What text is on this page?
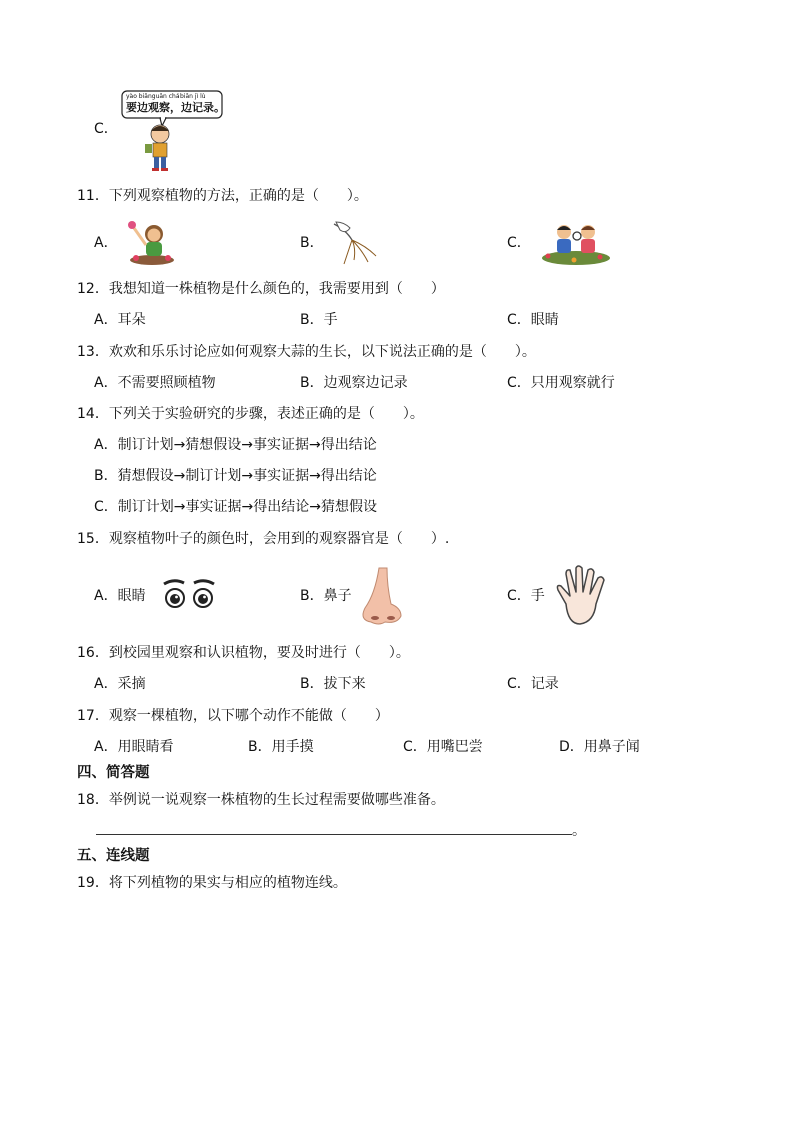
C．
yào biānguān chá biān jì lù
要边观察，边记录。
11．下列观察植物的方法，正确的是（　　）。
A．	B．	C．
12．我想知道一株植物是什么颜色的，我需要用到（　　）
A．耳朵	B．手	C．眼睛
13．欢欢和乐乐讨论应如何观察大蒜的生长，以下说法正确的是（　　）。
A．不需要照顾植物	B．边观察边记录	C．只用观察就行
14．下列关于实验研究的步骤，表述正确的是（　　）。
A．制订计划→猜想假设→事实证据→得出结论
B．猜想假设→制订计划→事实证据→得出结论
C．制订计划→事实证据→得出结论→猜想假设
15．观察植物叶子的颜色时，会用到的观察器官是（　　）.
A．眼睛	B．鼻子	C．手
16．到校园里观察和认识植物，要及时进行（　　）。
A．采摘	B．拔下来	C．记录
17．观察一棵植物，以下哪个动作不能做（　　）
A．用眼睛看	B．用手摸	C．用嘴巴尝	D．用鼻子闻
四、简答题
18．举例说一说观察一株植物的生长过程需要做哪些准备。
。
五、连线题
19．将下列植物的果实与相应的植物连线。
